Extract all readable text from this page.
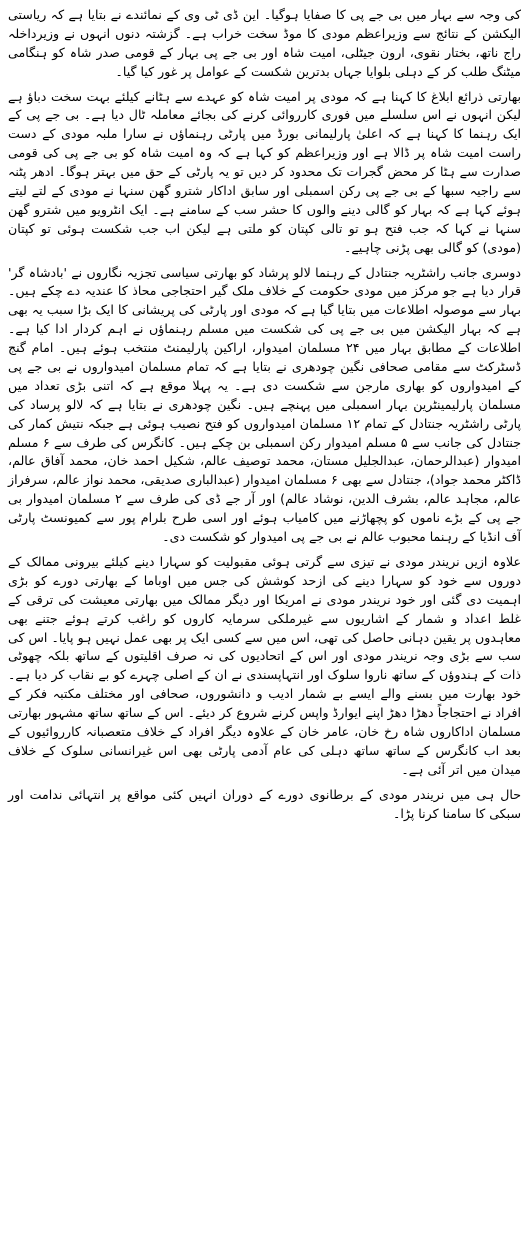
کی وجہ سے بہار میں بی جے پی کا صفایا ہوگیا۔ این ڈی ٹی وی کے نمائندے نے بتایا ہے کہ ریاستی الیکشن کے نتائج سے وزیراعظم مودی کا موڈ سخت خراب ہے۔ گزشتہ دنوں انہوں نے وزیرداخلہ راج ناتھ، بختار نقوی، ارون جیٹلی، امیت شاہ اور بی جے پی بہار کے قومی صدر شاہ کو ہنگامی میٹنگ طلب کر کے دہلی بلوایا جہاں بدترین شکست کے عوامل پر غور کیا گیا۔

بھارتی ذرائع ابلاغ کا کہنا ہے کہ مودی پر امیت شاہ کو عہدے سے ہٹانے کیلئے بہت سخت دباؤ ہے لیکن انہوں نے اس سلسلے میں فوری کارروائی کرنے کی بجائے معاملہ ٹال دیا ہے۔ بی جے پی کے ایک رہنما کا کہنا ہے کہ اعلیٰ پارلیمانی بورڈ میں پارٹی رہنماؤں نے سارا ملبہ مودی کے دست راست امیت شاہ پر ڈالا ہے اور وزیراعظم کو کہا ہے کہ وہ امیت شاہ کو بی جے پی کی قومی صدارت سے ہٹا کر محض گجرات تک محدود کر دیں تو یہ پارٹی کے حق میں بہتر ہوگا۔ ادھر پٹنہ سے راجیہ سبھا کے بی جے پی رکن اسمبلی اور سابق اداکار شترو گھن سنہا نے مودی کے لتے لیتے ہوئے کہا ہے کہ بہار کو گالی دینے والوں کا حشر سب کے سامنے ہے۔ ایک انٹرویو میں شترو گھن سنہا نے کہا کہ جب فتح ہو تو تالی کپتان کو ملتی ہے لیکن اب جب شکست ہوئی تو کپتان (مودی) کو گالی بھی پڑنی چاہیے۔

دوسری جانب راشٹریہ جنتادل کے رہنما لالو پرشاد کو بھارتی سیاسی تجزیہ نگاروں نے 'بادشاہ گر' قرار دیا ہے جو مرکز میں مودی حکومت کے خلاف ملک گیر احتجاجی محاذ کا عندیہ دے چکے ہیں۔ بہار سے موصولہ اطلاعات میں بتایا گیا ہے کہ مودی اور پارٹی کی پریشانی کا ایک بڑا سبب یہ بھی ہے کہ بہار الیکشن میں بی جے پی کی شکست میں مسلم رہنماؤں نے اہم کردار ادا کیا ہے۔ اطلاعات کے مطابق بہار میں ۲۴ مسلمان امیدوار، اراکین پارلیمنٹ منتخب ہوئے ہیں۔ امام گنج ڈسٹرکٹ سے مقامی صحافی نگین چودھری نے بتایا ہے کہ تمام مسلمان امیدواروں نے بی جے پی کے امیدواروں کو بھاری مارجن سے شکست دی ہے۔ یہ پہلا موقع ہے کہ اتنی بڑی تعداد میں مسلمان پارلیمینٹرین بہار اسمبلی میں پہنچے ہیں۔ نگین چودھری نے بتایا ہے کہ لالو پرساد کی پارٹی راشٹریہ جنتادل کے تمام ۱۲ مسلمان امیدواروں کو فتح نصیب ہوئی ہے جبکہ نتیش کمار کی جنتادل کی جانب سے ۵ مسلم امیدوار رکن اسمبلی بن چکے ہیں۔ کانگرس کی طرف سے ۶ مسلم امیدوار (عبدالرحمان، عبدالجلیل مستان، محمد توصیف عالم، شکیل احمد خان، محمد آفاق عالم، ڈاکٹر محمد جواد)، جنتادل سے بھی ۶ مسلمان امیدوار (عبدالباری صدیقی، محمد نواز عالم، سرفراز عالم، مجاہد عالم، بشرف الدین، نوشاد عالم) اور آر جے ڈی کی طرف سے ۲ مسلمان امیدوار بی جے پی کے بڑے ناموں کو پچھاڑنے میں کامیاب ہوئے اور اسی طرح بلرام پور سے کمیونسٹ پارٹی آف انڈیا کے رہنما محبوب عالم نے بی جے پی امیدوار کو شکست دی۔

علاوہ ازیں نریندر مودی نے تیزی سے گرتی ہوئی مقبولیت کو سہارا دینے کیلئے بیرونی ممالک کے دوروں سے خود کو سہارا دینے کی ازحد کوشش کی جس میں اوباما کے بھارتی دورے کو بڑی اہمیت دی گئی اور خود نریندر مودی نے امریکا اور دیگر ممالک میں بھارتی معیشت کی ترقی کے غلط اعداد و شمار کے اشاریوں سے غیرملکی سرمایہ کاروں کو راغب کرتے ہوئے جتنے بھی معاہدوں پر یقین دہانی حاصل کی تھی، اس میں سے کسی ایک پر بھی عمل نہیں ہو پایا۔ اس کی سب سے بڑی وجہ نریندر مودی اور اس کے اتحادیوں کی نہ صرف اقلیتوں کے ساتھ بلکہ چھوٹی ذات کے ہندوؤں کے ساتھ ناروا سلوک اور انتہاپسندی نے ان کے اصلی چہرے کو بے نقاب کر دیا ہے۔ خود بھارت میں بسنے والے ایسے بے شمار ادیب و دانشوروں، صحافی اور مختلف مکتبہ فکر کے افراد نے احتجاجاً دھڑا دھڑ اپنے ایوارڈ واپس کرنے شروع کر دیئے۔ اس کے ساتھ ساتھ مشہور بھارتی مسلمان اداکاروں شاہ رخ خان، عامر خان کے علاوہ دیگر افراد کے خلاف متعصبانہ کارروائیوں کے بعد اب کانگرس کے ساتھ ساتھ دہلی کی عام آدمی پارٹی بھی اس غیرانسانی سلوک کے خلاف میدان میں اتر آئی ہے۔

حال ہی میں نریندر مودی کے برطانوی دورے کے دوران انہیں کئی مواقع پر انتہائی ندامت اور سبکی کا سامنا کرنا پڑا۔
